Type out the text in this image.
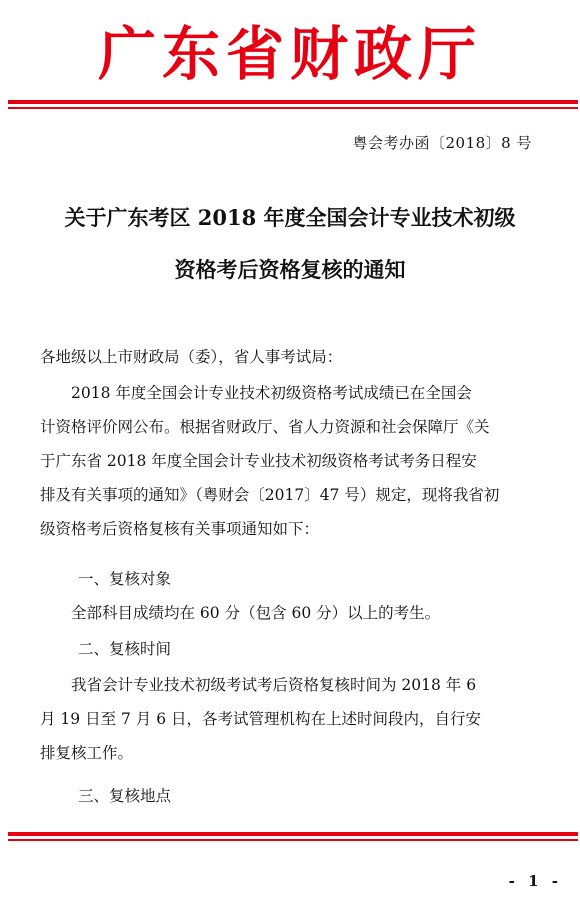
广东省财政厅
粤会考办函〔2018〕8 号
关于广东考区 2018 年度全国会计专业技术初级
资格考后资格复核的通知
各地级以上市财政局（委），省人事考试局：
　　2018 年度全国会计专业技术初级资格考试成绩已在全国会
计资格评价网公布。根据省财政厅、省人力资源和社会保障厅《关
于广东省 2018 年度全国会计专业技术初级资格考试考务日程安
排及有关事项的通知》（粤财会〔2017〕47 号）规定，现将我省初
级资格考后资格复核有关事项通知如下：
一、复核对象
　　全部科目成绩均在 60 分（包含 60 分）以上的考生。
二、复核时间
　　我省会计专业技术初级考试考后资格复核时间为 2018 年 6
月 19 日至 7 月 6 日，各考试管理机构在上述时间段内，自行安
排复核工作。
三、复核地点
- 1 -
